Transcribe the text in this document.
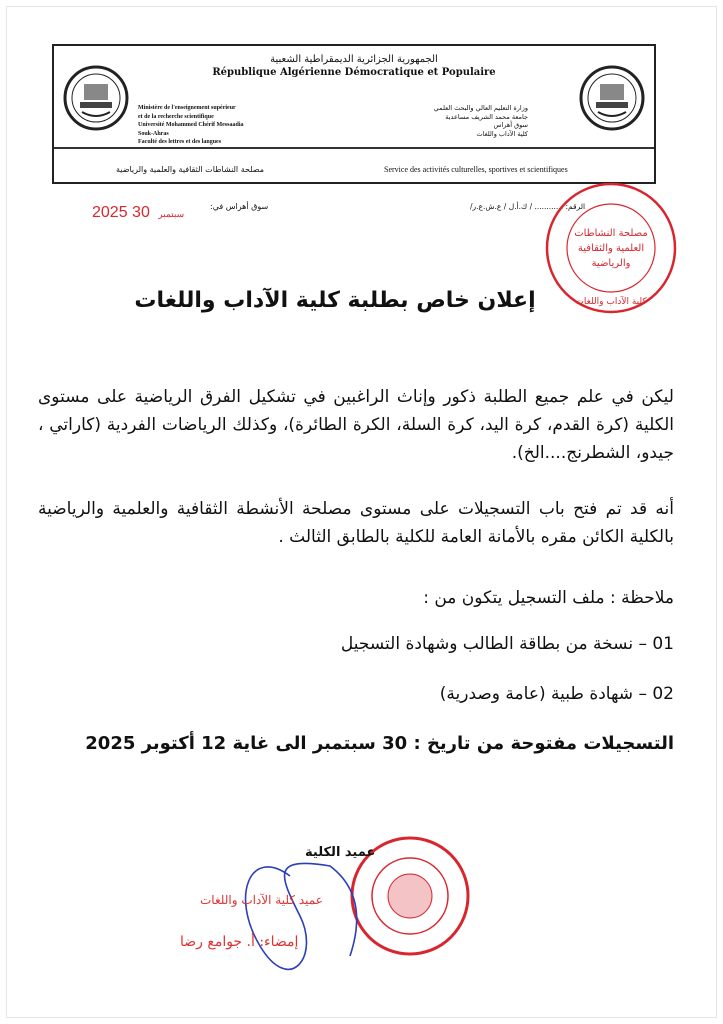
الجمهورية الجزائرية الديمقراطية الشعبية
République Algérienne Démocratique et Populaire
Ministère de l'enseignement supérieur
et de la recherche scientifique
Université Mohammed Chérif Messaadia
Souk-Ahras
Faculté des lettres et des langues
وزارة التعليم العالي والبحث العلمي
جامعة محمد الشريف مساعدية
سوق أهراس
كلية الآداب واللغات
Service des activités culturelles, sportives et scientifiques
مصلحة النشاطات الثقافية والعلمية والرياضية
2025	سبتمبر 30	سوق أهراس في:	الرقم: ............ / ك.أ.ل / ع.ش.ع.ر/
مصلحة النشاطات
العلمية والثقافية
والرياضية
كلية الآداب واللغات
إعلان خاص بطلبة كلية الآداب واللغات
ليكن في علم جميع الطلبة ذكور وإناث الراغبين في تشكيل الفرق الرياضية على مستوى الكلية (كرة القدم، كرة اليد، كرة السلة، الكرة الطائرة)، وكذلك الرياضات الفردية (كاراتي ، جيدو، الشطرنج....الخ).
أنه قد تم فتح باب التسجيلات على مستوى مصلحة الأنشطة الثقافية والعلمية والرياضية بالكلية الكائن مقره بالأمانة العامة للكلية بالطابق الثالث .
ملاحظة : ملف التسجيل يتكون من :
01 – نسخة من بطاقة الطالب وشهادة التسجيل
02 – شهادة طبية (عامة وصدرية)
التسجيلات مفتوحة من تاريخ : 30 سبتمبر الى غاية 12 أكتوبر 2025
عميد الكلية
عميد كلية الآداب واللغات
إمضاء: أ. جوامع رضا
